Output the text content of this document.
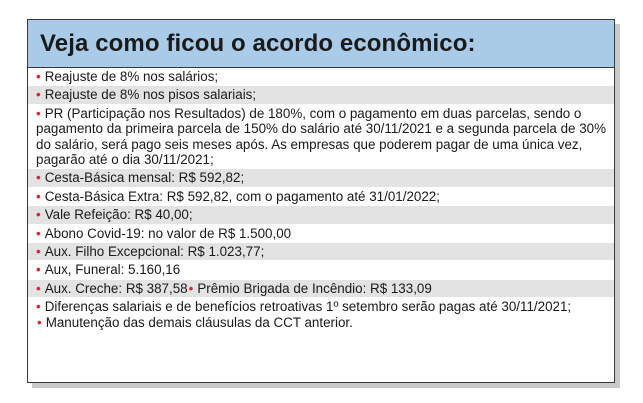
Veja como ficou o acordo econômico:
• Reajuste de 8% nos salários;
• Reajuste de 8% nos pisos salariais;
• PR (Participação nos Resultados) de 180%, com o pagamento em duas parcelas, sendo o pagamento da primeira parcela de 150% do salário até 30/11/2021 e a segunda parcela de 30% do salário, será pago seis meses após. As empresas que poderem pagar de uma única vez, pagarão até o dia 30/11/2021;
• Cesta-Básica mensal: R$ 592,82;
• Cesta-Básica Extra: R$ 592,82, com o pagamento até 31/01/2022;
• Vale Refeição: R$ 40,00;
• Abono Covid-19: no valor de R$ 1.500,00
• Aux. Filho Excepcional: R$ 1.023,77;
• Aux, Funeral: 5.160,16
• Aux. Creche: R$ 387,58• Prêmio Brigada de Incêndio: R$ 133,09
• Diferenças salariais e de benefícios retroativas 1º setembro serão pagas até 30/11/2021; • Manutenção das demais cláusulas da CCT anterior.
